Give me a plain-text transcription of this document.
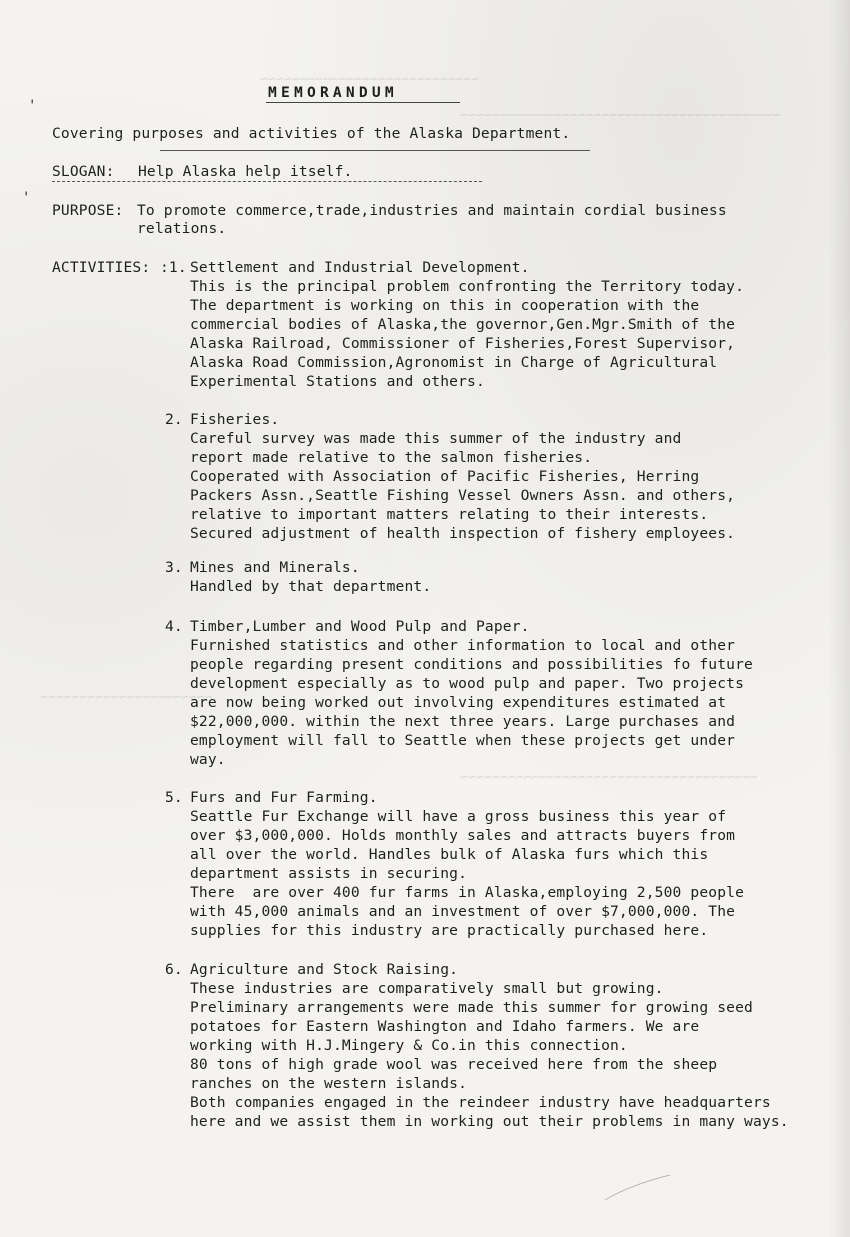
~~~~~~~~~~~~~~~~~~~~~~~~~~~~
~~~~~~~~~~~~~~~~~~~~~~~~~~~~~~~~~~~~~~~~~
~~~~~~~~~~~~~~~~~~~~~~
~~~~~~~~~~~~~~~~~~~~~~~~~~~~~~~~~~~~~~
'
'
MEMORANDUM
Covering purposes and activities of the Alaska Department.
SLOGAN: Help Alaska help itself.
PURPOSE: To promote commerce,trade,industries and maintain cordial business
relations.
ACTIVITIES: :1. Settlement and Industrial Development.
This is the principal problem confronting the Territory today.
The department is working on this in cooperation with the
commercial bodies of Alaska,the governor,Gen.Mgr.Smith of the
Alaska Railroad, Commissioner of Fisheries,Forest Supervisor,
Alaska Road Commission,Agronomist in Charge of Agricultural
Experimental Stations and others.
2. Fisheries.
Careful survey was made this summer of the industry and
report made relative to the salmon fisheries.
Cooperated with Association of Pacific Fisheries, Herring
Packers Assn.,Seattle Fishing Vessel Owners Assn. and others,
relative to important matters relating to their interests.
Secured adjustment of health inspection of fishery employees.
3. Mines and Minerals.
Handled by that department.
4. Timber,Lumber and Wood Pulp and Paper.
Furnished statistics and other information to local and other
people regarding present conditions and possibilities fo future
development especially as to wood pulp and paper. Two projects
are now being worked out involving expenditures estimated at
$22,000,000. within the next three years. Large purchases and
employment will fall to Seattle when these projects get under
way.
5. Furs and Fur Farming.
Seattle Fur Exchange will have a gross business this year of
over $3,000,000. Holds monthly sales and attracts buyers from
all over the world. Handles bulk of Alaska furs which this
department assists in securing.
There  are over 400 fur farms in Alaska,employing 2,500 people
with 45,000 animals and an investment of over $7,000,000. The
supplies for this industry are practically purchased here.
6. Agriculture and Stock Raising.
These industries are comparatively small but growing.
Preliminary arrangements were made this summer for growing seed
potatoes for Eastern Washington and Idaho farmers. We are
working with H.J.Mingery & Co.in this connection.
80 tons of high grade wool was received here from the sheep
ranches on the western islands.
Both companies engaged in the reindeer industry have headquarters
here and we assist them in working out their problems in many ways.
